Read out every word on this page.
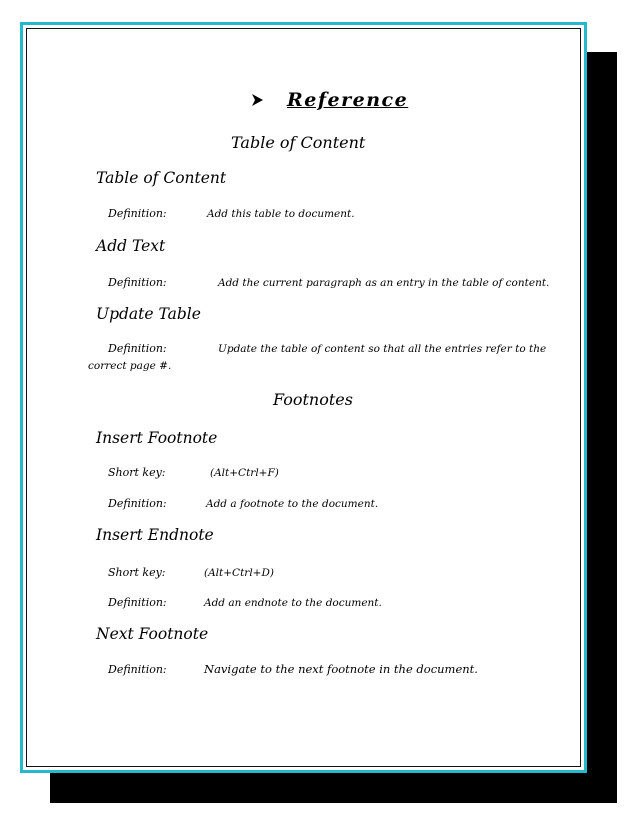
Reference
Table of Content
Table of Content
Definition:	Add this table to document.
Add Text
Definition:	Add the current paragraph as an entry in the table of content.
Update Table
Definition:	Update the table of content so that all the entries refer to the
correct page #.
Footnotes
Insert Footnote
Short key:	(Alt+Ctrl+F)
Definition:	Add a footnote to the document.
Insert Endnote
Short key:	(Alt+Ctrl+D)
Definition:	Add an endnote to the document.
Next Footnote
Definition:	Navigate to the next footnote in the document.
